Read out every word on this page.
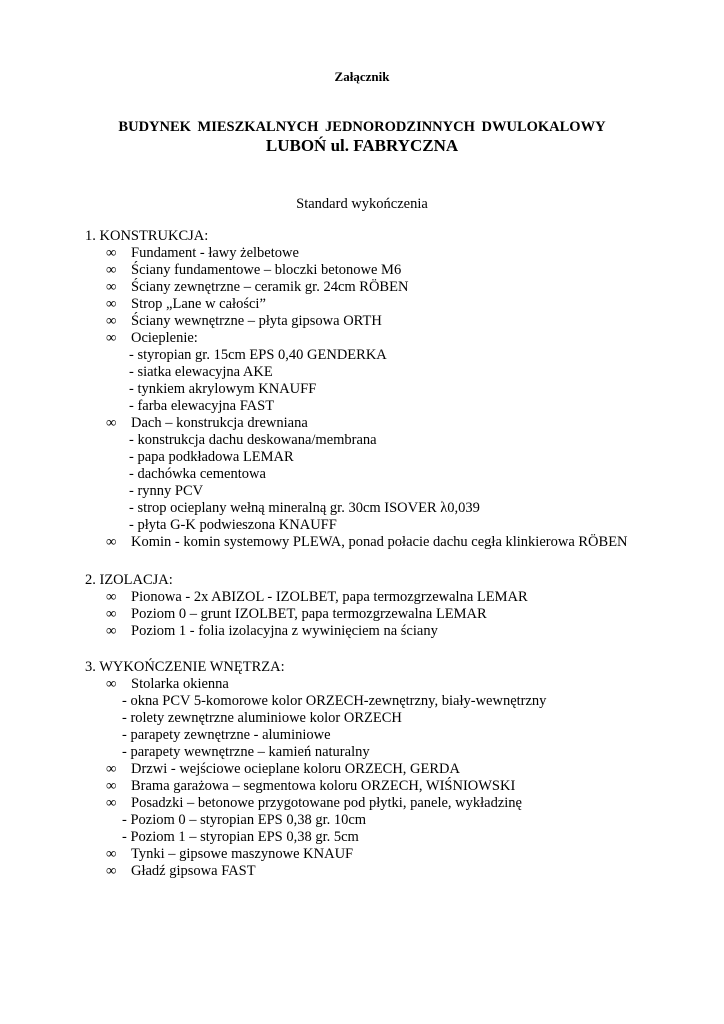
Załącznik
BUDYNEK MIESZKALNYCH JEDNORODZINNYCH DWULOKALOWY
LUBOŃ ul. FABRYCZNA
Standard wykończenia
1. KONSTRUKCJA:
∞ Fundament - ławy żelbetowe
∞ Ściany fundamentowe – bloczki betonowe M6
∞ Ściany zewnętrzne – ceramik gr. 24cm RÖBEN
∞ Strop „Lane w całości”
∞ Ściany wewnętrzne – płyta gipsowa ORTH
∞ Ocieplenie:
- styropian gr. 15cm EPS 0,40 GENDERKA
- siatka elewacyjna AKE
- tynkiem akrylowym KNAUFF
- farba elewacyjna FAST
∞ Dach – konstrukcja drewniana
- konstrukcja dachu deskowana/membrana
- papa podkładowa LEMAR
- dachówka cementowa
- rynny PCV
- strop ocieplany wełną mineralną gr. 30cm ISOVER λ0,039
- płyta G-K podwieszona KNAUFF
∞ Komin - komin systemowy PLEWA, ponad połacie dachu cegła klinkierowa RÖBEN
2. IZOLACJA:
∞ Pionowa - 2x ABIZOL - IZOLBET, papa termozgrzewalna LEMAR
∞ Poziom 0 – grunt IZOLBET, papa termozgrzewalna LEMAR
∞ Poziom 1 - folia izolacyjna z wywinięciem na ściany
3. WYKOŃCZENIE WNĘTRZA:
∞ Stolarka okienna
- okna PCV 5-komorowe kolor ORZECH-zewnętrzny, biały-wewnętrzny
- rolety zewnętrzne aluminiowe kolor ORZECH
- parapety zewnętrzne - aluminiowe
- parapety wewnętrzne – kamień naturalny
∞ Drzwi - wejściowe ocieplane koloru ORZECH, GERDA
∞ Brama garażowa – segmentowa koloru ORZECH, WIŚNIOWSKI
∞ Posadzki – betonowe przygotowane pod płytki, panele, wykładzinę
- Poziom 0 – styropian EPS 0,38 gr. 10cm
- Poziom 1 – styropian EPS 0,38 gr. 5cm
∞ Tynki – gipsowe maszynowe KNAUF
∞ Gładź gipsowa FAST
